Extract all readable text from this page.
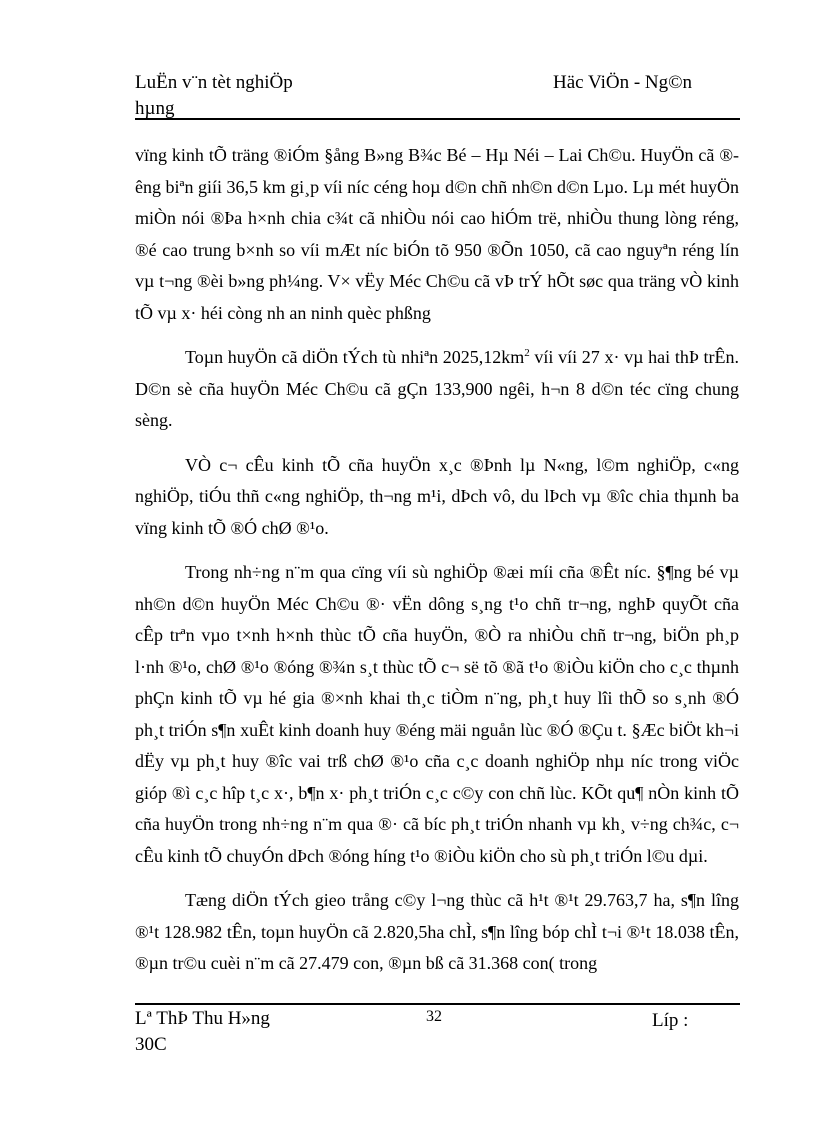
LuËn v¨n tèt nghiÖp
hµng
Häc ViÖn - Ng©n

vïng kinh tÕ träng ®iÓm §ång B»ng B¾c Bé – Hµ Néi – Lai Ch©u. HuyÖn cã ®êng biªn giíi 36,5 km gi¸p víi níc céng hoµ d©n chñ nh©n d©n Lµo. Lµ mét huyÖn miÒn nói ®Þa h×nh chia c¾t cã nhiÒu nói cao hiÓm trë, nhiÒu thung lòng réng, ®é cao trung b×nh so víi mÆt níc biÓn tõ 950 ®Õn 1050, cã cao nguyªn réng lín vµ t¬ng ®èi b»ng ph¼ng. V× vËy Méc Ch©u cã vÞ trÝ hÕt søc qua träng vÒ kinh tÕ vµ x· héi còng nh an ninh quèc phßng

Toµn huyÖn cã diÖn tÝch tù nhiªn $2025,12km^2$ víi víi 27 x· vµ hai thÞ trÊn. D©n sè cña huyÖn Méc Ch©u cã gÇn 133,900 ngêi, h¬n 8 d©n téc cïng chung sèng.

VÒ c¬ cÊu kinh tÕ cña huyÖn x¸c ®Þnh lµ N«ng, l©m nghiÖp, c«ng nghiÖp, tiÓu thñ c«ng nghiÖp, th¬ng m¹i, dÞch vô, du lÞch vµ ®îc chia thµnh ba vïng kinh tÕ ®Ó chØ ®¹o.

Trong nh÷ng n¨m qua cïng víi sù nghiÖp ®æi míi cña ®Êt níc. §¶ng bé vµ nh©n d©n huyÖn Méc Ch©u ®· vËn dông s¸ng t¹o chñ tr¬ng, nghÞ quyÕt cña cÊp trªn vµo t×nh h×nh thùc tÕ cña huyÖn, ®Ò ra nhiÒu chñ tr¬ng, biÖn ph¸p l·nh ®¹o, chØ ®¹o ®óng ®¾n s¸t thùc tÕ c¬ së tõ ®ã t¹o ®iÒu kiÖn cho c¸c thµnh phÇn kinh tÕ vµ hé gia ®×nh khai th¸c tiÒm n¨ng, ph¸t huy lîi thÕ so s¸nh ®Ó ph¸t triÓn s¶n xuÊt kinh doanh huy ®éng mäi nguån lùc ®Ó ®Çu t. §Æc biÖt kh¬i dËy vµ ph¸t huy ®îc vai trß chØ ®¹o cña c¸c doanh nghiÖp nhµ níc trong viÖc gióp ®ì c¸c hîp t¸c x·, b¶n x· ph¸t triÓn c¸c c©y con chñ lùc. KÕt qu¶ nÒn kinh tÕ cña huyÖn trong nh÷ng n¨m qua ®· cã bíc ph¸t triÓn nhanh vµ kh¸ v÷ng ch¾c, c¬ cÊu kinh tÕ chuyÓn dÞch ®óng híng t¹o ®iÒu kiÖn cho sù ph¸t triÓn l©u dµi.

Tæng diÖn tÝch gieo trång c©y l¬ng thùc cã h¹t ®¹t 29.763,7 ha, s¶n lîng ®¹t 128.982 tÊn, toµn huyÖn cã 2.820,5ha chÌ, s¶n lîng bóp chÌ t¬i ®¹t 18.038 tÊn, ®µn tr©u cuèi n¨m cã 27.479 con, ®µn bß cã 31.368 con( trong

Lª ThÞ Thu H»ng
30C
32	Líp :
